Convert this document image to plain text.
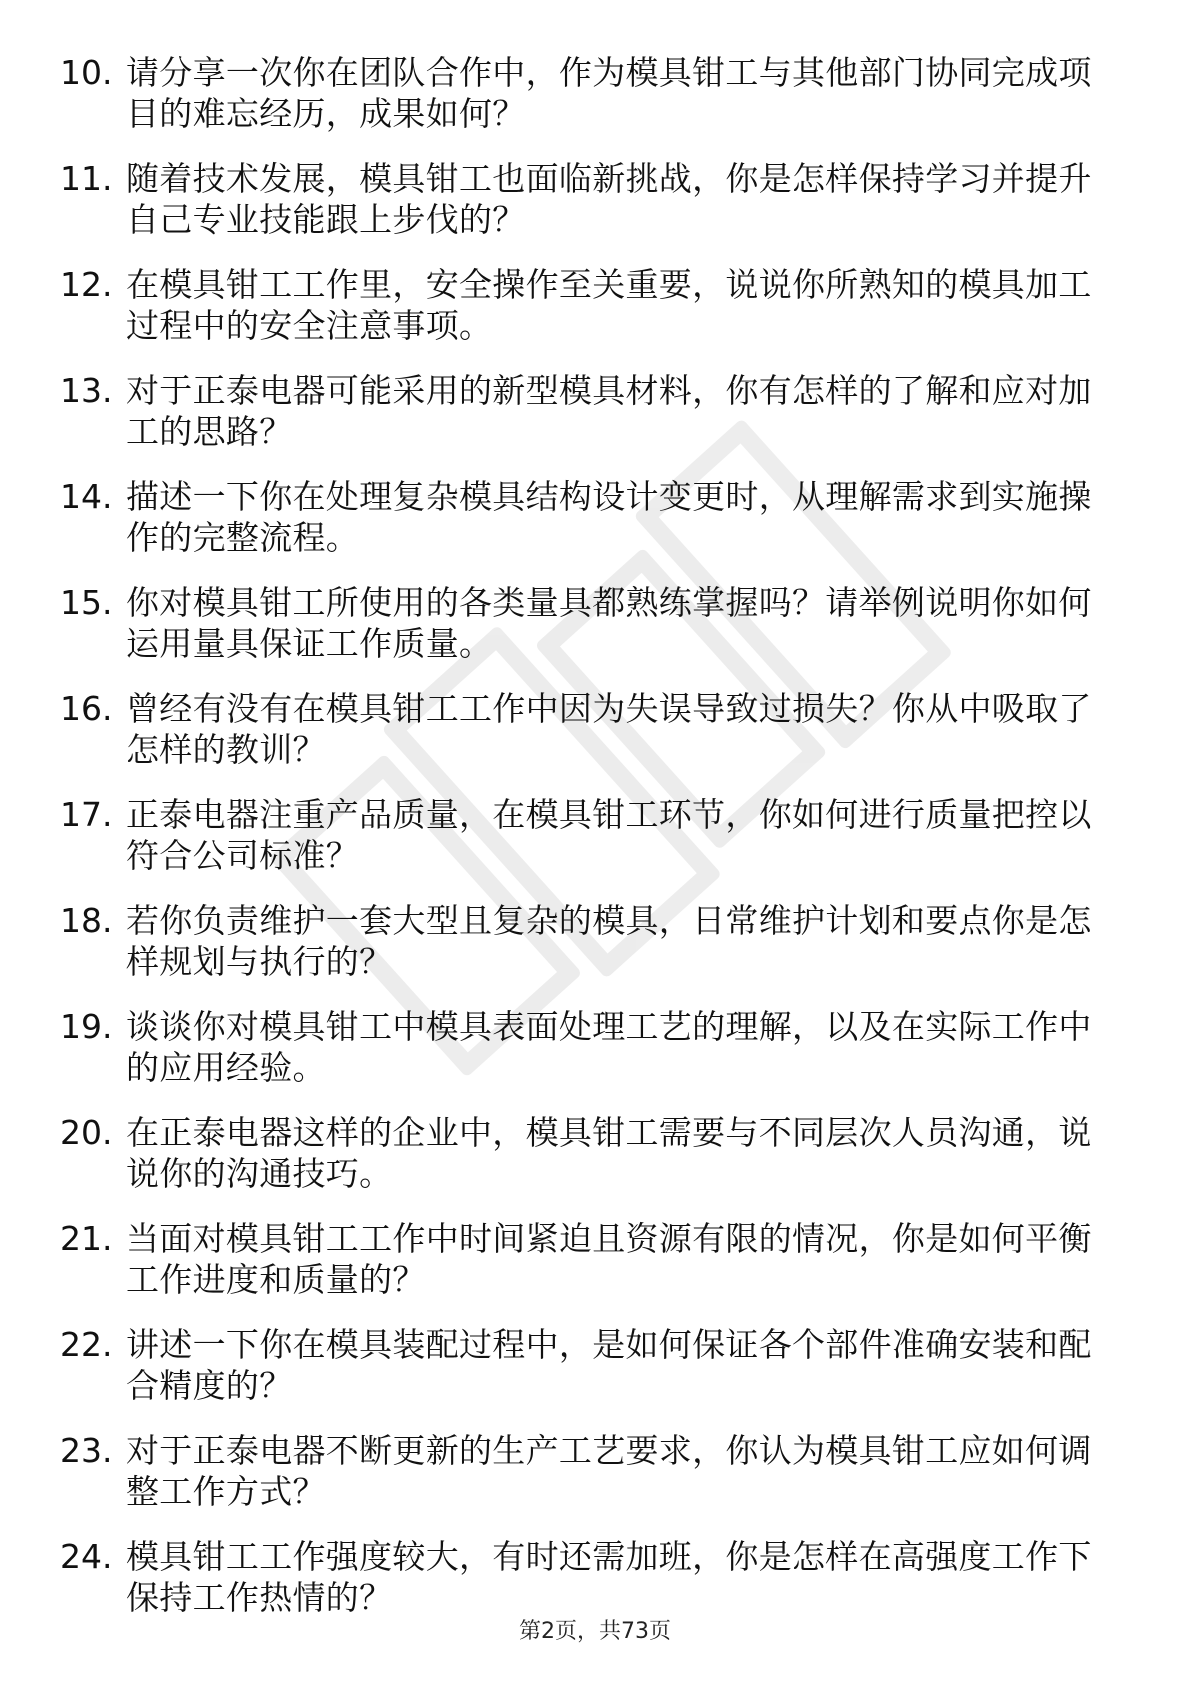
10. 请分享一次你在团队合作中，作为模具钳工与其他部门协同完成项目的难忘经历，成果如何？
11. 随着技术发展，模具钳工也面临新挑战，你是怎样保持学习并提升自己专业技能跟上步伐的？
12. 在模具钳工工作里，安全操作至关重要，说说你所熟知的模具加工过程中的安全注意事项。
13. 对于正泰电器可能采用的新型模具材料，你有怎样的了解和应对加工的思路？
14. 描述一下你在处理复杂模具结构设计变更时，从理解需求到实施操作的完整流程。
15. 你对模具钳工所使用的各类量具都熟练掌握吗？请举例说明你如何运用量具保证工作质量。
16. 曾经有没有在模具钳工工作中因为失误导致过损失？你从中吸取了怎样的教训？
17. 正泰电器注重产品质量，在模具钳工环节，你如何进行质量把控以符合公司标准？
18. 若你负责维护一套大型且复杂的模具，日常维护计划和要点你是怎样规划与执行的？
19. 谈谈你对模具钳工中模具表面处理工艺的理解，以及在实际工作中的应用经验。
20. 在正泰电器这样的企业中，模具钳工需要与不同层次人员沟通，说说你的沟通技巧。
21. 当面对模具钳工工作中时间紧迫且资源有限的情况，你是如何平衡工作进度和质量的？
22. 讲述一下你在模具装配过程中，是如何保证各个部件准确安装和配合精度的？
23. 对于正泰电器不断更新的生产工艺要求，你认为模具钳工应如何调整工作方式？
24. 模具钳工工作强度较大，有时还需加班，你是怎样在高强度工作下保持工作热情的？
第2页，共73页
